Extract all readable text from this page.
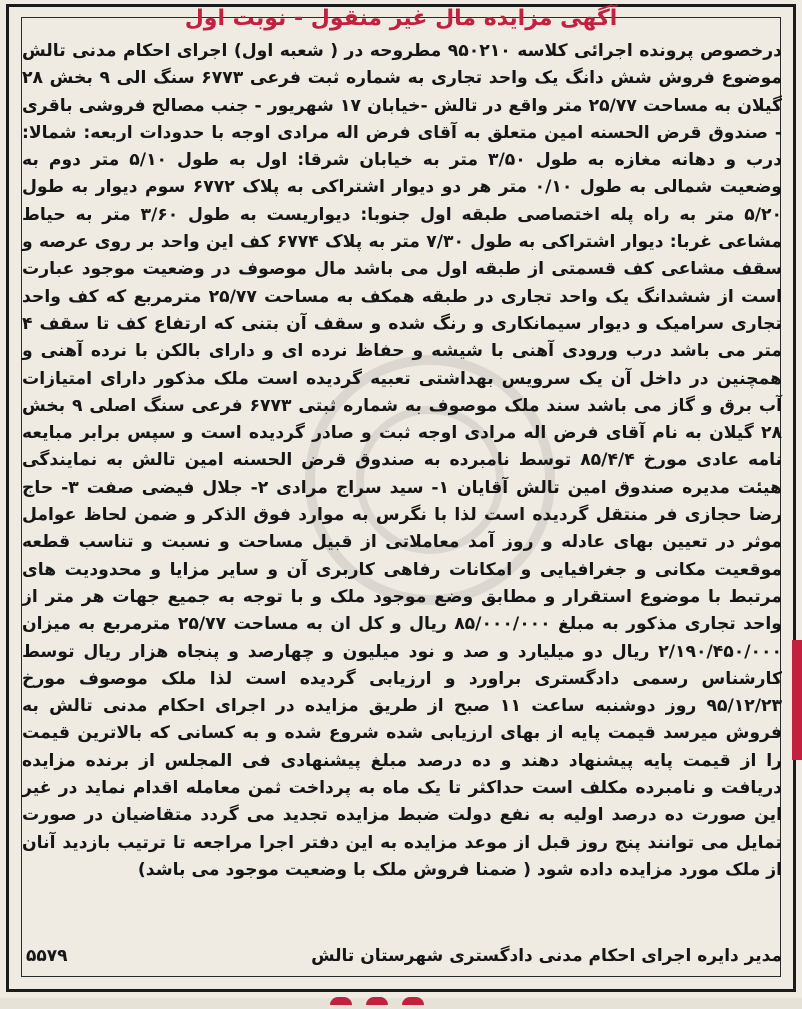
آگهی مزایده مال غیر منقول - نوبت اول
درخصوص پرونده اجرائی کلاسه ۹۵۰۲۱۰ مطروحه در ( شعبه اول) اجرای احکام مدنی تالش موضوع فروش شش دانگ یک واحد تجاری به شماره ثبت فرعی ۶۷۷۳ سنگ الی ۹ بخش ۲۸ گیلان به مساحت ۲۵/۷۷ متر واقع در تالش -خیابان ۱۷ شهریور - جنب مصالح فروشی باقری - صندوق قرض الحسنه امین متعلق به آقای فرض اله مرادی اوجه با حدودات اربعه: شمالا: درب و دهانه مغازه به طول ۳/۵۰ متر به خیابان شرقا: اول به طول ۵/۱۰ متر دوم به وضعیت شمالی به طول ۰/۱۰ متر هر دو دیوار اشتراکی به پلاک ۶۷۷۲ سوم دیوار به طول ۵/۲۰ متر به راه پله اختصاصی طبقه اول جنوبا: دیواریست به طول ۳/۶۰ متر به حیاط مشاعی غربا: دیوار اشتراکی به طول ۷/۳۰ متر به پلاک ۶۷۷۴ کف این واحد بر روی عرصه و سقف مشاعی کف قسمتی از طبقه اول می باشد مال موصوف در وضعیت موجود عبارت است از ششدانگ یک واحد تجاری در طبقه همکف به مساحت ۲۵/۷۷ مترمربع که کف واحد تجاری سرامیک و دیوار سیمانکاری و رنگ شده و سقف آن بتنی که ارتفاع کف تا سقف ۴ متر می باشد درب ورودی آهنی با شیشه و حفاظ نرده ای و دارای بالکن با نرده آهنی و همچنین در داخل آن یک سرویس بهداشتی تعبیه گردیده است ملک مذکور دارای امتیازات آب برق و گاز می باشد سند ملک موصوف به شماره ثبتی ۶۷۷۳ فرعی سنگ اصلی ۹ بخش ۲۸ گیلان به نام آقای فرض اله مرادی اوجه ثبت و صادر گردیده است و سپس برابر مبایعه نامه عادی مورخ ۸۵/۴/۴ توسط نامبرده به صندوق قرض الحسنه امین تالش به نمایندگی هیئت مدیره صندوق امین تالش آقایان ۱- سید سراج مرادی ۲- جلال فیضی صفت ۳- حاج رضا حجازی فر منتقل گردیده است لذا با نگرس به موارد فوق الذکر و ضمن لحاظ عوامل موثر در تعیین بهای عادله و روز آمد معاملاتی از قبیل مساحت و نسبت و تناسب قطعه موقعیت مکانی و جغرافیایی و امکانات رفاهی کاربری آن و سایر مزایا و محدودیت های مرتبط با موضوع استقرار و مطابق وضع موجود ملک و با توجه به جمیع جهات هر متر از واحد تجاری مذکور به مبلغ ۸۵/۰۰۰/۰۰۰ ریال و کل ان به مساحت ۲۵/۷۷ مترمربع به میزان ۲/۱۹۰/۴۵۰/۰۰۰ ریال دو میلیارد و صد و نود میلیون و چهارصد و پنجاه هزار ریال توسط کارشناس رسمی دادگستری براورد و ارزیابی گردیده است لذا ملک موصوف مورخ ۹۵/۱۲/۲۳ روز دوشنبه ساعت ۱۱ صبح از طریق مزایده در اجرای احکام مدنی تالش به فروش میرسد قیمت پایه از بهای ارزیابی شده شروع شده و به کسانی که بالاترین قیمت را از قیمت پایه پیشنهاد دهند و ده درصد مبلغ پیشنهادی فی المجلس از برنده مزایده دریافت و نامبرده مکلف است حداکثر تا یک ماه به پرداخت ثمن معامله اقدام نماید در غیر این صورت ده درصد اولیه به نفع دولت ضبط مزایده تجدید می گردد متقاضیان در صورت تمایل می توانند پنج روز قبل از موعد مزایده به این دفتر اجرا مراجعه تا ترتیب بازدید آنان از ملک مورد مزایده داده شود ( ضمنا فروش ملک با وضعیت موجود می باشد)
مدیر دایره اجرای احکام مدنی دادگستری شهرستان تالش
۵۵۷۹
